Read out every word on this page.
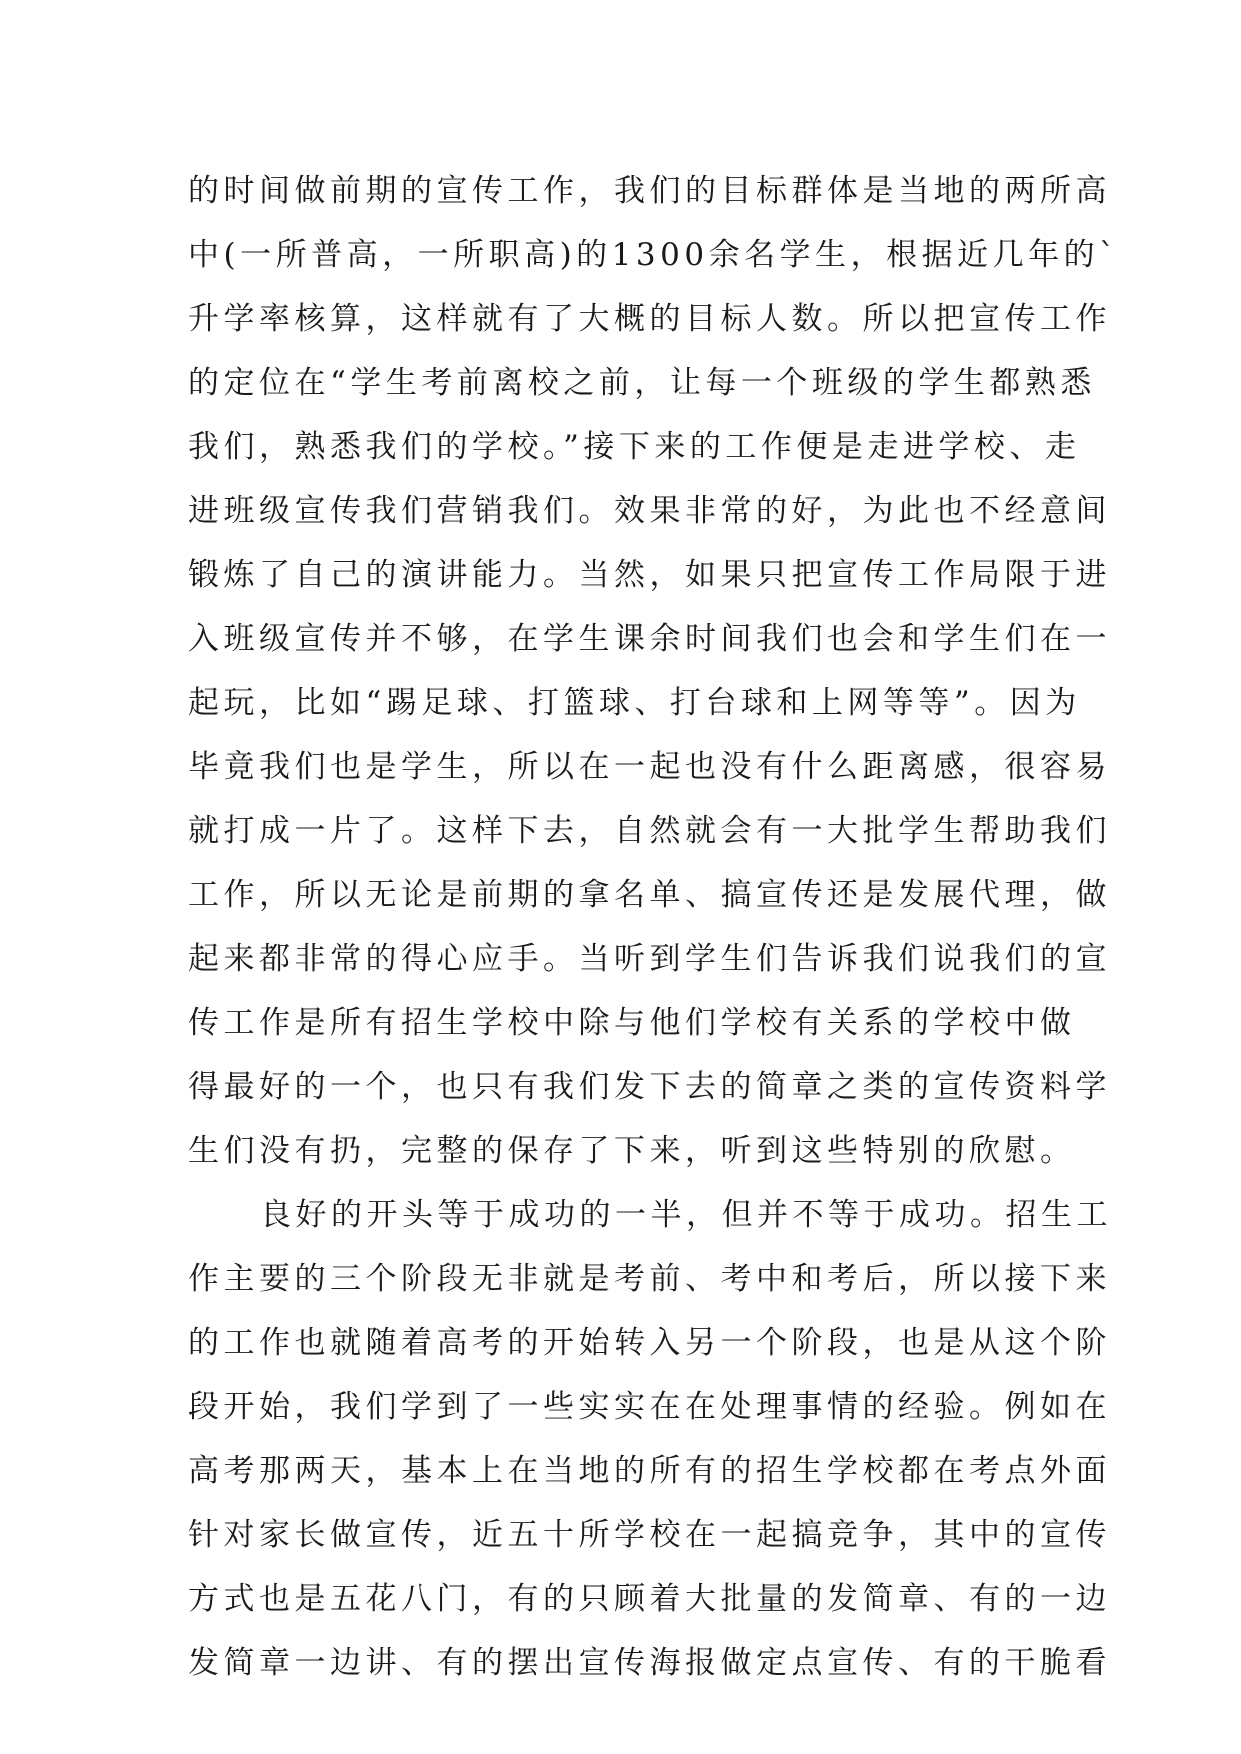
的时间做前期的宣传工作，我们的目标群体是当地的两所高
中(一所普高，一所职高)的1300余名学生，根据近几年的`
升学率核算，这样就有了大概的目标人数。所以把宣传工作
的定位在“学生考前离校之前，让每一个班级的学生都熟悉
我们，熟悉我们的学校。”接下来的工作便是走进学校、走
进班级宣传我们营销我们。效果非常的好，为此也不经意间
锻炼了自己的演讲能力。当然，如果只把宣传工作局限于进
入班级宣传并不够，在学生课余时间我们也会和学生们在一
起玩，比如“踢足球、打篮球、打台球和上网等等”。因为
毕竟我们也是学生，所以在一起也没有什么距离感，很容易
就打成一片了。这样下去，自然就会有一大批学生帮助我们
工作，所以无论是前期的拿名单、搞宣传还是发展代理，做
起来都非常的得心应手。当听到学生们告诉我们说我们的宣
传工作是所有招生学校中除与他们学校有关系的学校中做
得最好的一个，也只有我们发下去的简章之类的宣传资料学
生们没有扔，完整的保存了下来，听到这些特别的欣慰。
良好的开头等于成功的一半，但并不等于成功。招生工
作主要的三个阶段无非就是考前、考中和考后，所以接下来
的工作也就随着高考的开始转入另一个阶段，也是从这个阶
段开始，我们学到了一些实实在在处理事情的经验。例如在
高考那两天，基本上在当地的所有的招生学校都在考点外面
针对家长做宣传，近五十所学校在一起搞竞争，其中的宣传
方式也是五花八门，有的只顾着大批量的发简章、有的一边
发简章一边讲、有的摆出宣传海报做定点宣传、有的干脆看
